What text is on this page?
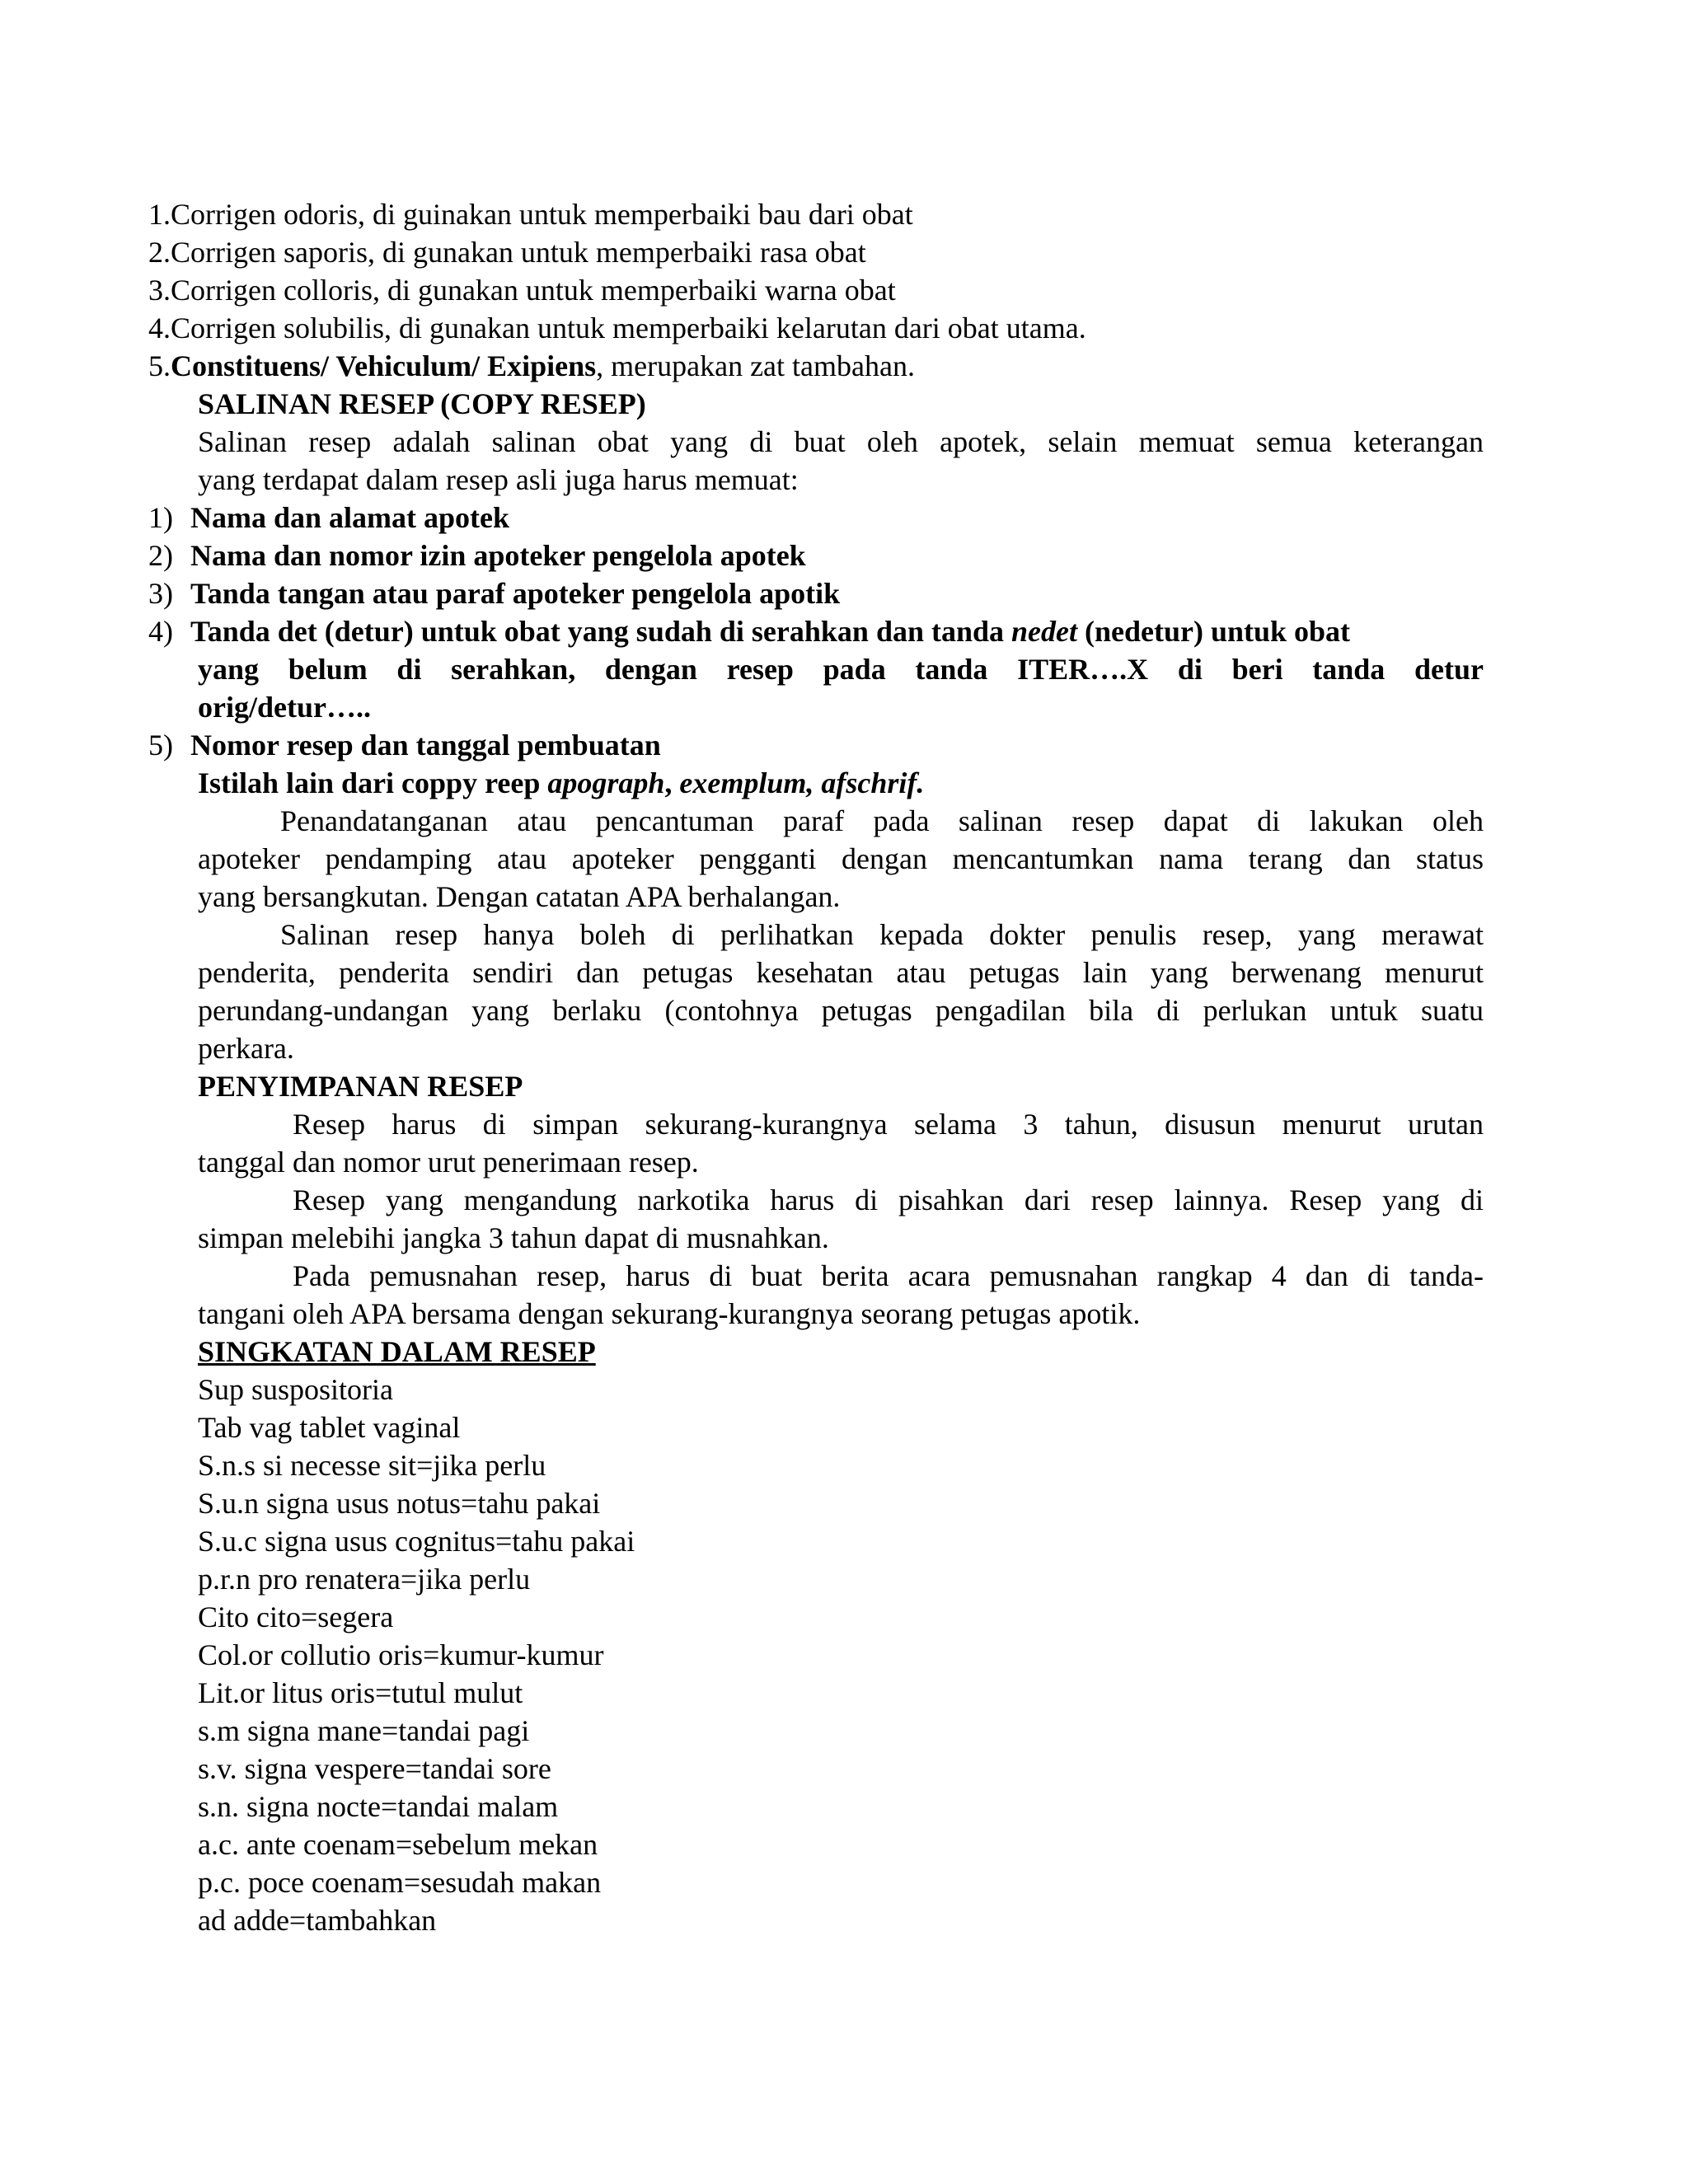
1.Corrigen odoris, di guinakan untuk memperbaiki bau dari obat
2.Corrigen saporis, di gunakan untuk memperbaiki rasa obat
3.Corrigen colloris, di gunakan untuk memperbaiki warna obat
4.Corrigen solubilis, di gunakan untuk memperbaiki kelarutan dari obat utama.
5.Constituens/ Vehiculum/ Exipiens, merupakan zat tambahan.
SALINAN RESEP (COPY RESEP)
Salinan resep adalah salinan obat yang di buat oleh apotek, selain memuat semua keterangan
yang terdapat dalam resep asli juga harus memuat:
1) Nama dan alamat apotek
2) Nama dan nomor izin apoteker pengelola apotek
3) Tanda tangan atau paraf apoteker pengelola apotik
4) Tanda det (detur) untuk obat yang sudah di serahkan dan tanda nedet (nedetur) untuk obat
yang belum di serahkan, dengan resep pada tanda ITER….X di beri tanda detur
orig/detur…..
5) Nomor resep dan tanggal pembuatan
Istilah lain dari coppy reep apograph, exemplum, afschrif.
Penandatanganan atau pencantuman paraf pada salinan resep dapat di lakukan oleh
apoteker pendamping atau apoteker pengganti dengan mencantumkan nama terang dan status
yang bersangkutan. Dengan catatan APA berhalangan.
Salinan resep hanya boleh di perlihatkan kepada dokter penulis resep, yang merawat
penderita, penderita sendiri dan petugas kesehatan atau petugas lain yang berwenang menurut
perundang-undangan yang berlaku (contohnya petugas pengadilan bila di perlukan untuk suatu
perkara.
PENYIMPANAN RESEP
Resep harus di simpan sekurang-kurangnya selama 3 tahun, disusun menurut urutan
tanggal dan nomor urut penerimaan resep.
Resep yang mengandung narkotika harus di pisahkan dari resep lainnya. Resep yang di
simpan melebihi jangka 3 tahun dapat di musnahkan.
Pada pemusnahan resep, harus di buat berita acara pemusnahan rangkap 4 dan di tanda-
tangani oleh APA bersama dengan sekurang-kurangnya seorang petugas apotik.
SINGKATAN DALAM RESEP
Sup suspositoria
Tab vag tablet vaginal
S.n.s si necesse sit=jika perlu
S.u.n signa usus notus=tahu pakai
S.u.c signa usus cognitus=tahu pakai
p.r.n pro renatera=jika perlu
Cito cito=segera
Col.or collutio oris=kumur-kumur
Lit.or litus oris=tutul mulut
s.m signa mane=tandai pagi
s.v. signa vespere=tandai sore
s.n. signa nocte=tandai malam
a.c. ante coenam=sebelum mekan
p.c. poce coenam=sesudah makan
ad adde=tambahkan
